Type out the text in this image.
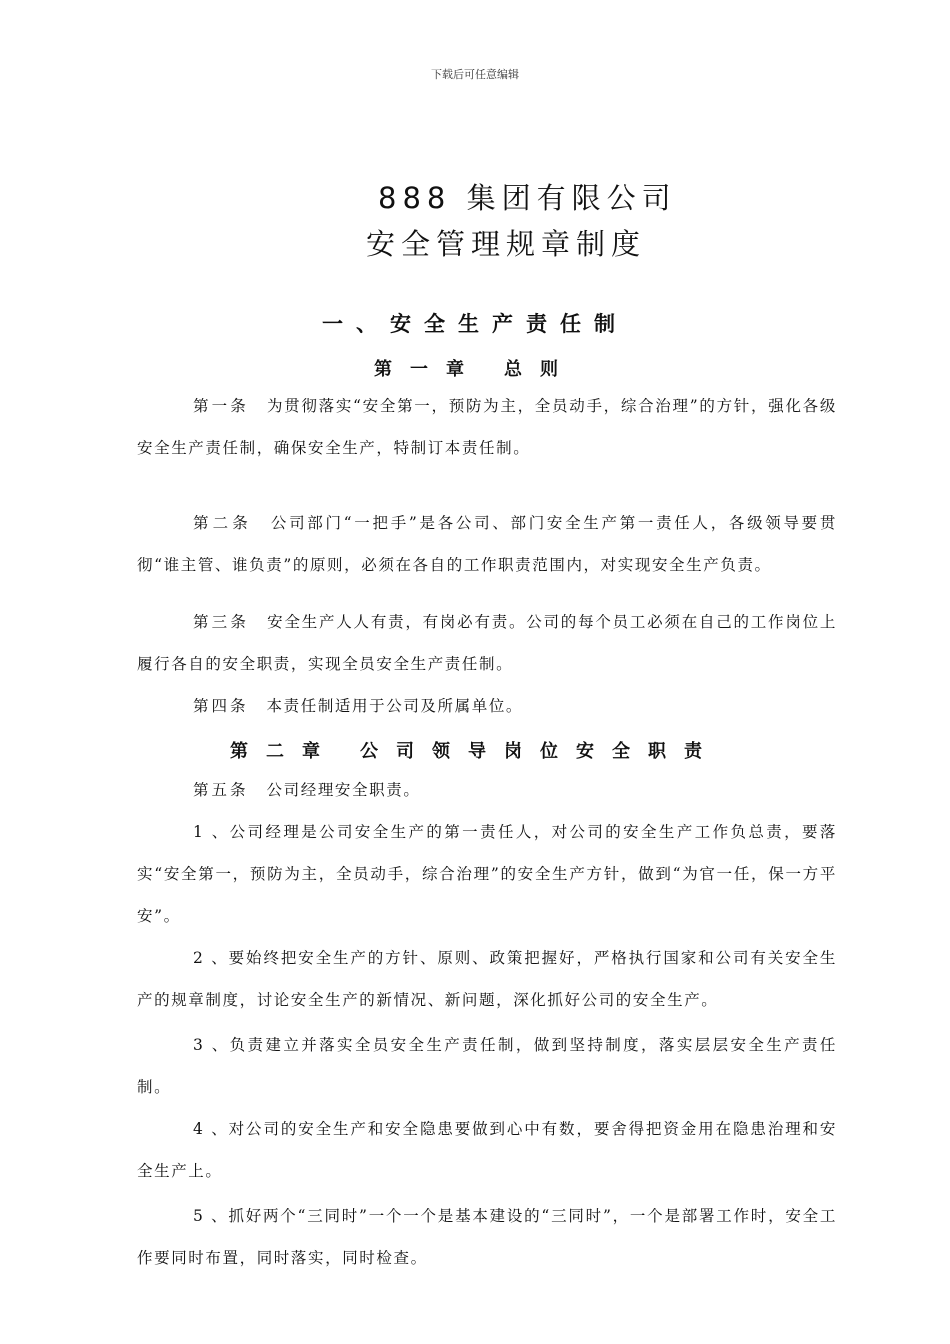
下载后可任意编辑
888 集团有限公司
安全管理规章制度
一、安全生产责任制
第一章 总则
第一条 为贯彻落实“安全第一，预防为主，全员动手，综合治理”的方针，强化各级安全生产责任制，确保安全生产，特制订本责任制。
第二条 公司部门“一把手”是各公司、部门安全生产第一责任人，各级领导要贯彻“谁主管、谁负责”的原则，必须在各自的工作职责范围内，对实现安全生产负责。
第三条 安全生产人人有责，有岗必有责。公司的每个员工必须在自己的工作岗位上履行各自的安全职责，实现全员安全生产责任制。
第四条 本责任制适用于公司及所属单位。
第二章 公司领导岗位安全职责
第五条 公司经理安全职责。
1 、公司经理是公司安全生产的第一责任人，对公司的安全生产工作负总责，要落实“安全第一，预防为主，全员动手，综合治理”的安全生产方针，做到“为官一任，保一方平安”。
2 、要始终把安全生产的方针、原则、政策把握好，严格执行国家和公司有关安全生产的规章制度，讨论安全生产的新情况、新问题，深化抓好公司的安全生产。
3 、负责建立并落实全员安全生产责任制，做到坚持制度，落实层层安全生产责任制。
4 、对公司的安全生产和安全隐患要做到心中有数，要舍得把资金用在隐患治理和安全生产上。
5 、抓好两个“三同时”一个一个是基本建设的“三同时”，一个是部署工作时，安全工作要同时布置，同时落实，同时检查。
